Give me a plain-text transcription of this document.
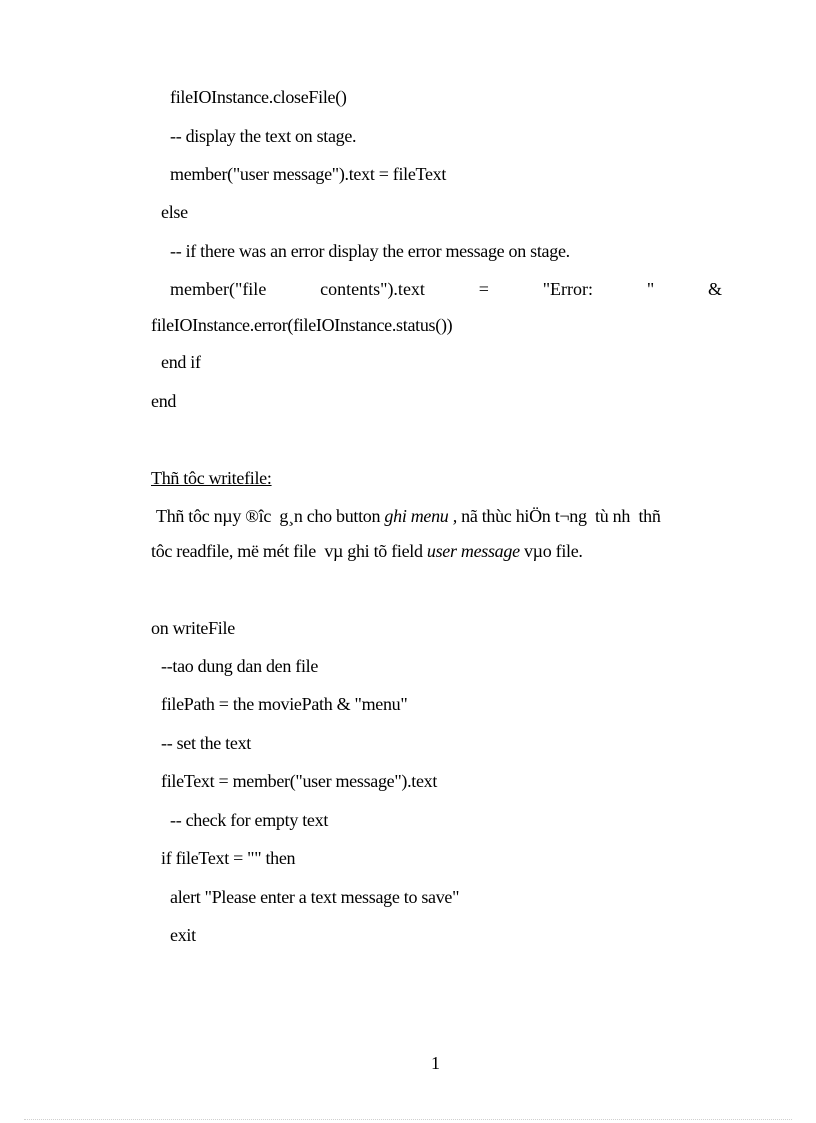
fileIOInstance.closeFile()
-- display the text on stage.
member("user message").text = fileText
else
-- if there was an error display the error message on stage.
member("file	contents").text	=	"Error:	"	&
fileIOInstance.error(fileIOInstance.status())
end if
end
Thñ tôc writefile:
Thñ tôc nµy ®îc  g¸n cho button ghi menu , nã thùc hiÖn t¬ng  tù nh  thñ
tôc readfile, më mét file  vµ ghi tõ field user message vµo file.
on writeFile
--tao dung dan den file
filePath = the moviePath & "menu"
-- set the text
fileText = member("user message").text
-- check for empty text
if fileText = "" then
alert "Please enter a text message to save"
exit
1
